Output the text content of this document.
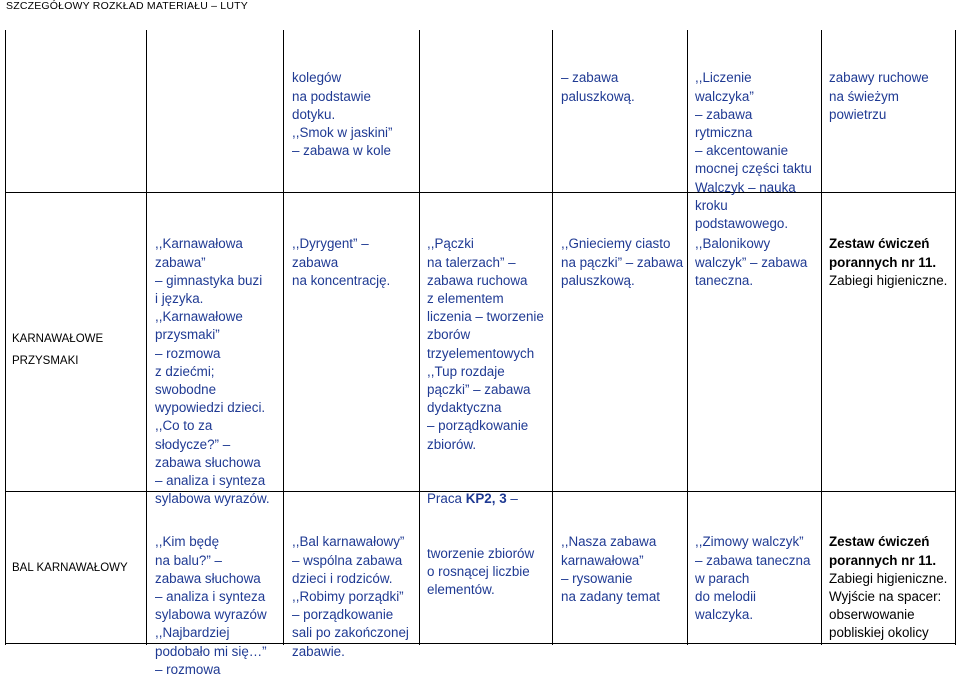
SZCZEGÓŁOWY ROZKŁAD MATERIAŁU – LUTY

kolegów
na podstawie
dotyku.
,,Smok w jaskini”
– zabawa w kole

– zabawa
paluszkową.

,,Liczenie
walczyka”
– zabawa
rytmiczna
– akcentowanie
mocnej części taktu
Walczyk – nauka
kroku
podstawowego.

zabawy ruchowe
na świeżym
powietrzu

KARNAWAŁOWE PRZYSMAKI

,,Karnawałowa
zabawa”
– gimnastyka buzi
i języka.
,,Karnawałowe
przysmaki”
– rozmowa
z dziećmi;
swobodne
wypowiedzi dzieci.
,,Co to za
słodycze?” –
zabawa słuchowa
– analiza i synteza
sylabowa wyrazów.

,,Dyrygent” –
zabawa
na koncentrację.

,,Pączki
na talerzach” –
zabawa ruchowa
z elementem
liczenia – tworzenie
zborów
trzyelementowych
,,Tup rozdaje
pączki” – zabawa
dydaktyczna
– porządkowanie
zbiorów.

Praca KP2, 3 –

tworzenie zbiorów
o rosnącej liczbie
elementów.

,,Gnieciemy ciasto
na pączki” – zabawa
paluszkową.

,,Balonikowy
walczyk” – zabawa
taneczna.

Zestaw ćwiczeń
porannych nr 11.
Zabiegi higieniczne.

BAL KARNAWAŁOWY

,,Kim będę
na balu?” –
zabawa słuchowa
– analiza i synteza
sylabowa wyrazów
,,Najbardziej
podobało mi się…”
– rozmowa

,,Bal karnawałowy”
– wspólna zabawa
dzieci i rodziców.
,,Robimy porządki”
– porządkowanie
sali po zakończonej
zabawie.

,,Nasza zabawa
karnawałowa”
– rysowanie
na zadany temat

,,Zimowy walczyk”
– zabawa taneczna
w parach
do melodii
walczyka.

Zestaw ćwiczeń
porannych nr 11.
Zabiegi higieniczne.
Wyjście na spacer:
obserwowanie
pobliskiej okolicy
